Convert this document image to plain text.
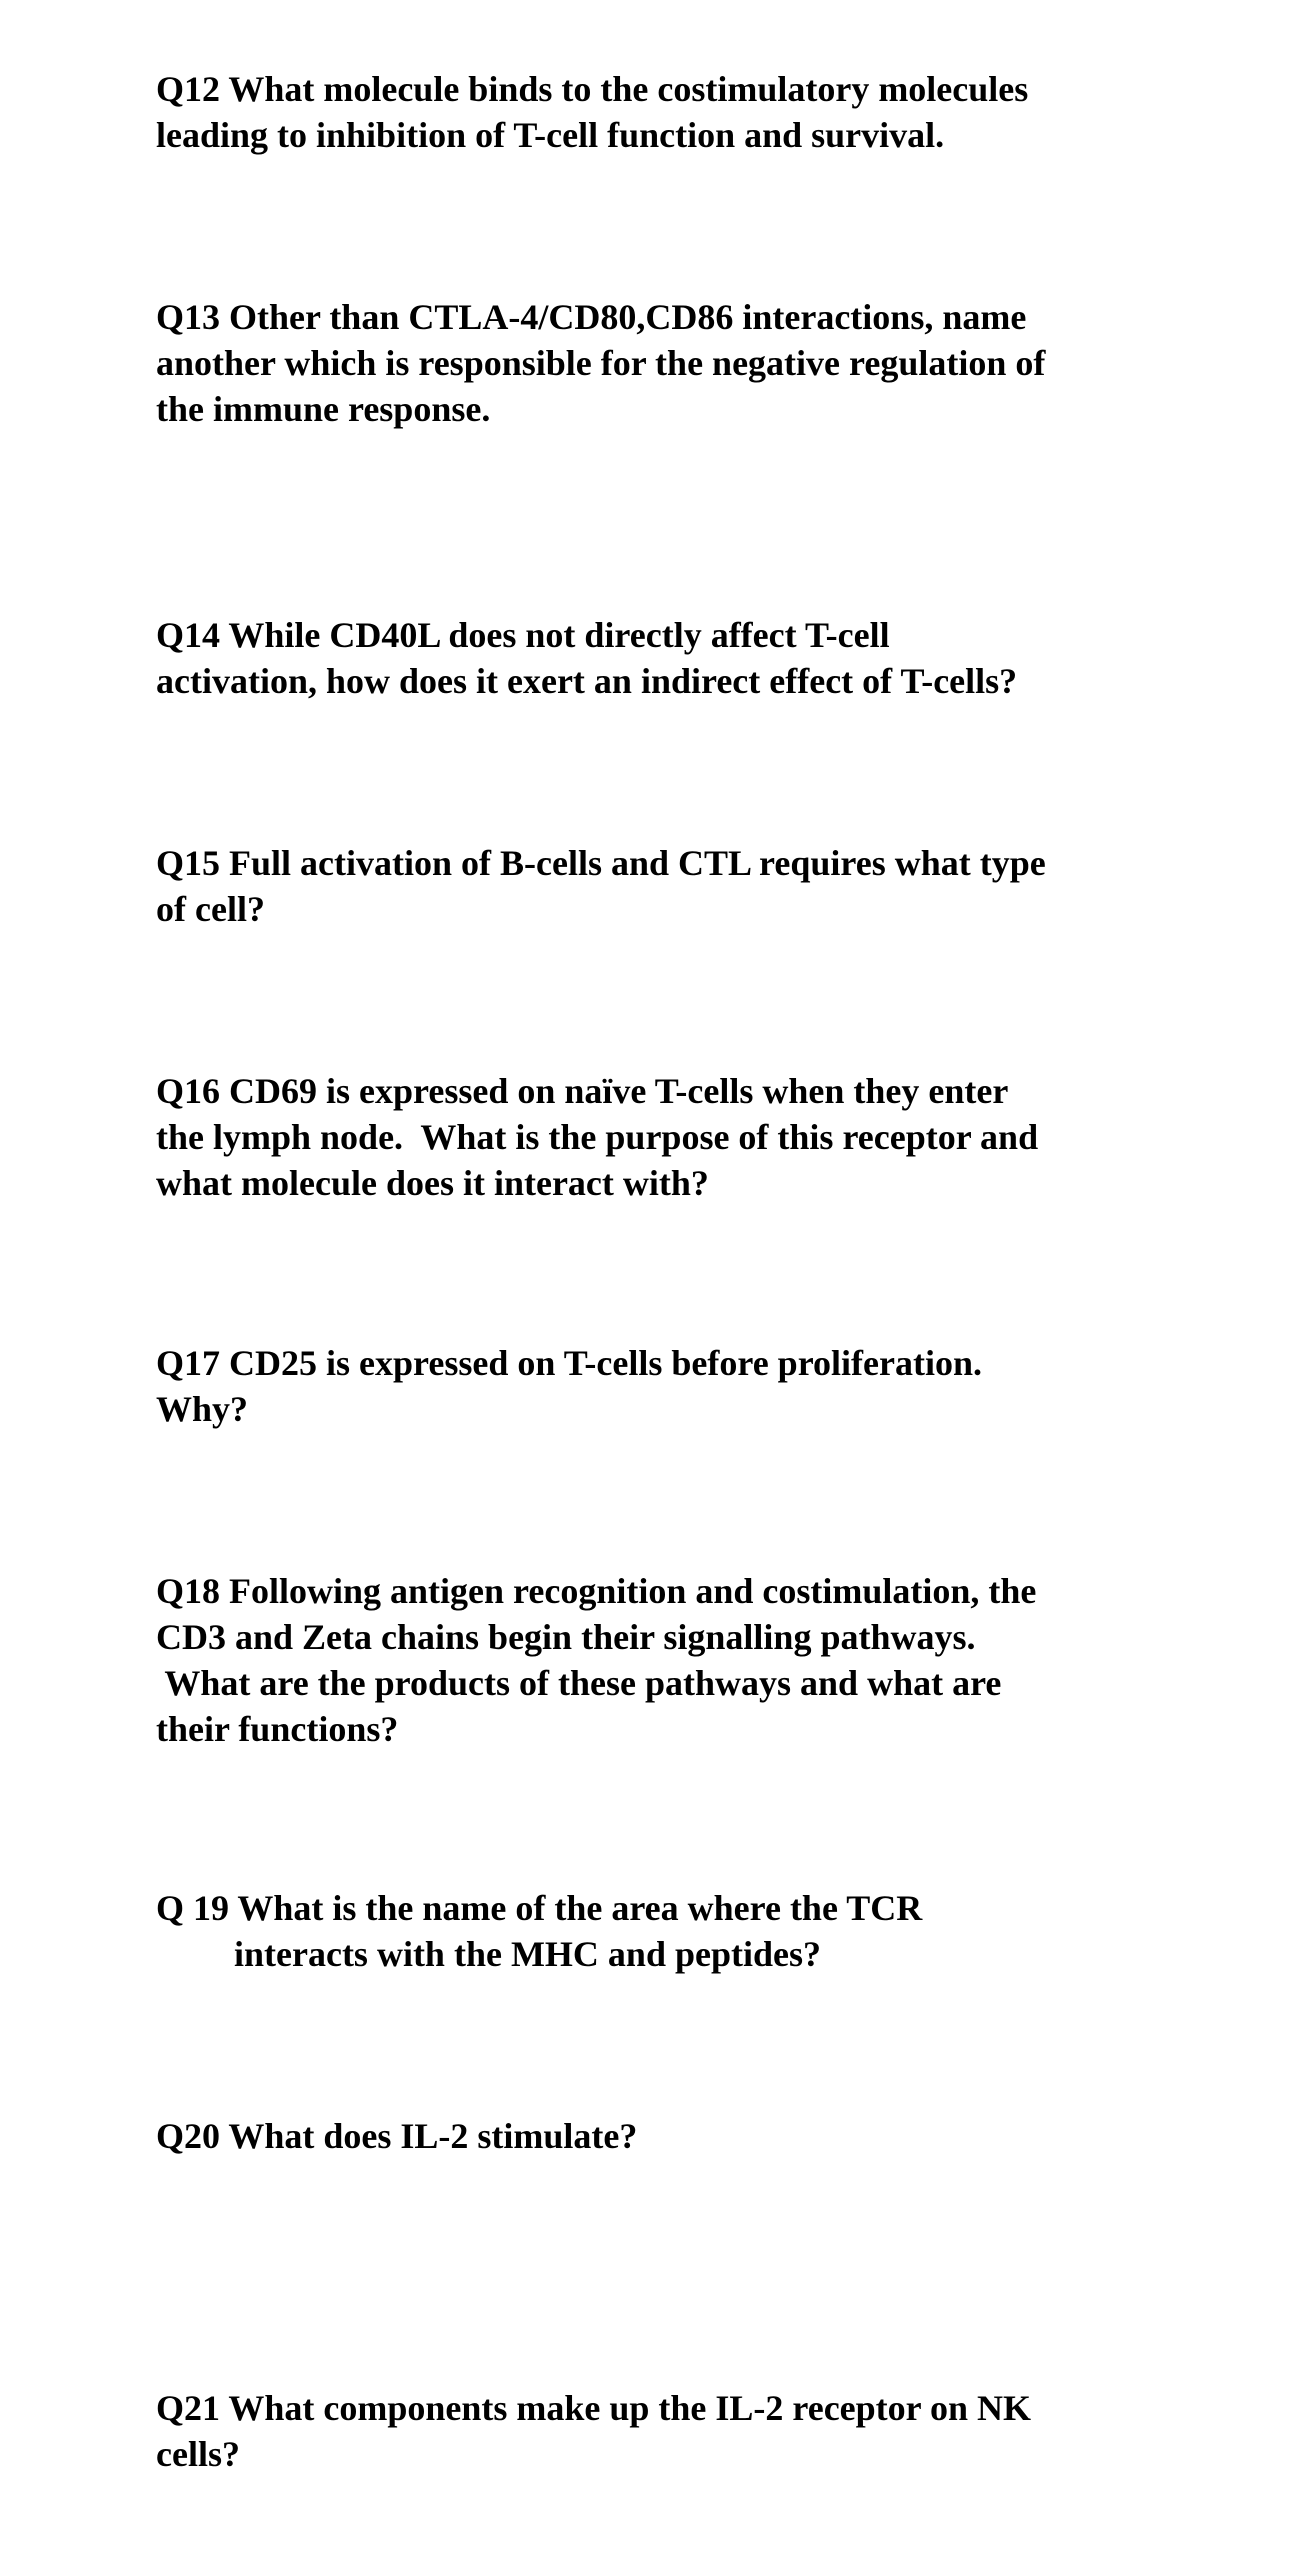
Q12 What molecule binds to the costimulatory molecules
leading to inhibition of T-cell function and survival.
Q13 Other than CTLA-4/CD80,CD86 interactions, name
another which is responsible for the negative regulation of
the immune response.
Q14 While CD40L does not directly affect T-cell
activation, how does it exert an indirect effect of T-cells?
Q15 Full activation of B-cells and CTL requires what type
of cell?
Q16 CD69 is expressed on naïve T-cells when they enter
the lymph node.  What is the purpose of this receptor and
what molecule does it interact with?
Q17 CD25 is expressed on T-cells before proliferation.
Why?
Q18 Following antigen recognition and costimulation, the
CD3 and Zeta chains begin their signalling pathways.
What are the products of these pathways and what are
their functions?
Q 19 What is the name of the area where the TCR
interacts with the MHC and peptides?
Q20 What does IL-2 stimulate?
Q21 What components make up the IL-2 receptor on NK
cells?
